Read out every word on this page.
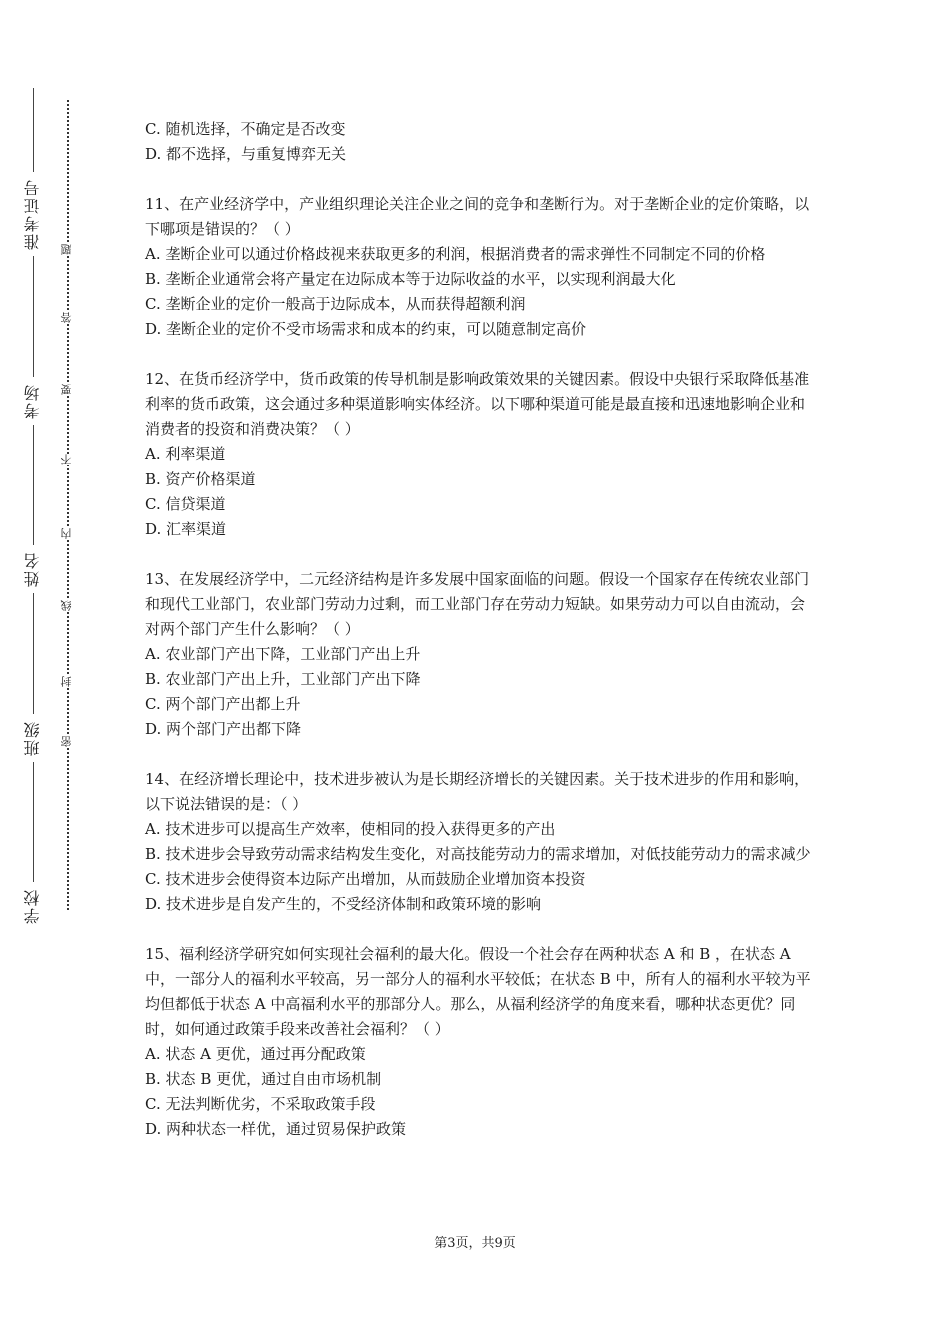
准考证号
考场
姓名
班级
学校
密
封
线
内
不
要
答
题

C. 随机选择，不确定是否改变

D. 都不选择，与重复博弈无关

11、在产业经济学中，产业组织理论关注企业之间的竞争和垄断行为。对于垄断企业的定价策略，以下哪项是错误的？（ ）

A. 垄断企业可以通过价格歧视来获取更多的利润，根据消费者的需求弹性不同制定不同的价格

B. 垄断企业通常会将产量定在边际成本等于边际收益的水平，以实现利润最大化

C. 垄断企业的定价一般高于边际成本，从而获得超额利润

D. 垄断企业的定价不受市场需求和成本的约束，可以随意制定高价

12、在货币经济学中，货币政策的传导机制是影响政策效果的关键因素。假设中央银行采取降低基准利率的货币政策，这会通过多种渠道影响实体经济。以下哪种渠道可能是最直接和迅速地影响企业和消费者的投资和消费决策？（ ）

A. 利率渠道

B. 资产价格渠道

C. 信贷渠道

D. 汇率渠道

13、在发展经济学中，二元经济结构是许多发展中国家面临的问题。假设一个国家存在传统农业部门和现代工业部门，农业部门劳动力过剩，而工业部门存在劳动力短缺。如果劳动力可以自由流动，会对两个部门产生什么影响？（ ）

A. 农业部门产出下降，工业部门产出上升

B. 农业部门产出上升，工业部门产出下降

C. 两个部门产出都上升

D. 两个部门产出都下降

14、在经济增长理论中，技术进步被认为是长期经济增长的关键因素。关于技术进步的作用和影响，以下说法错误的是：（ ）

A. 技术进步可以提高生产效率，使相同的投入获得更多的产出

B. 技术进步会导致劳动需求结构发生变化，对高技能劳动力的需求增加，对低技能劳动力的需求减少

C. 技术进步会使得资本边际产出增加，从而鼓励企业增加资本投资

D. 技术进步是自发产生的，不受经济体制和政策环境的影响

15、福利经济学研究如何实现社会福利的最大化。假设一个社会存在两种状态 A 和 B ，在状态 A 中，一部分人的福利水平较高，另一部分人的福利水平较低；在状态 B 中，所有人的福利水平较为平均但都低于状态 A 中高福利水平的那部分人。那么，从福利经济学的角度来看，哪种状态更优？同时，如何通过政策手段来改善社会福利？（ ）

A. 状态 A 更优，通过再分配政策

B. 状态 B 更优，通过自由市场机制

C. 无法判断优劣，不采取政策手段

D. 两种状态一样优，通过贸易保护政策

第3页，共9页
